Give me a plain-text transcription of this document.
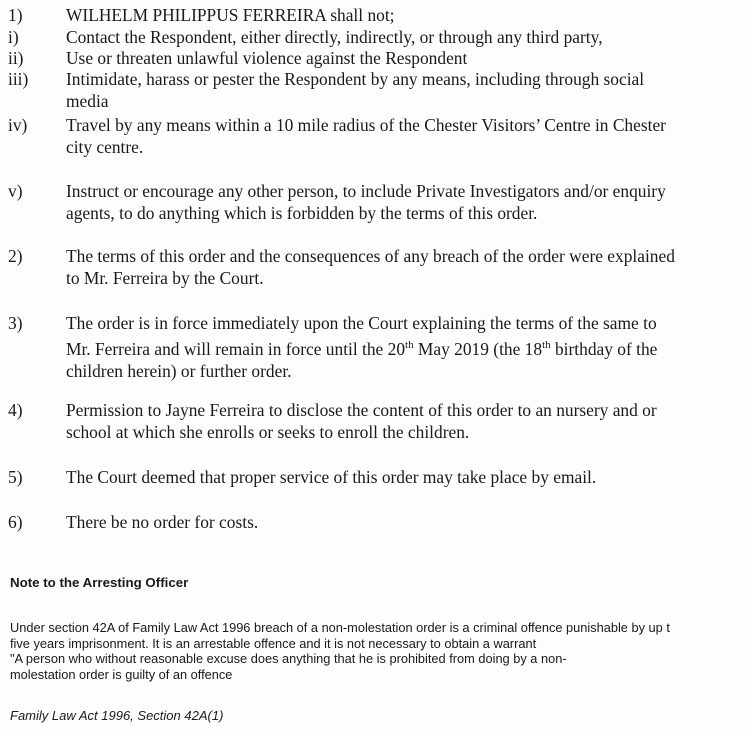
1)	WILHELM PHILIPPUS FERREIRA shall not;
i)	Contact the Respondent, either directly, indirectly, or through any third party,
ii)	Use or threaten unlawful violence against the Respondent
iii)	Intimidate, harass or pester the Respondent by any means, including through social media
iv)	Travel by any means within a 10 mile radius of the Chester Visitors’ Centre in Chester city centre.
v)	Instruct or encourage any other person, to include Private Investigators and/or enquiry agents, to do anything which is forbidden by the terms of this order.
2)	The terms of this order and the consequences of any breach of the order were explained to Mr. Ferreira by the Court.
3)	The order is in force immediately upon the Court explaining the terms of the same to Mr. Ferreira and will remain in force until the 20th May 2019 (the 18th birthday of the children herein) or further order.
4)	Permission to Jayne Ferreira to disclose the content of this order to an nursery and or school at which she enrolls or seeks to enroll the children.
5)	The Court deemed that proper service of this order may take place by email.
6)	There be no order for costs.
Note to the Arresting Officer
Under section 42A of Family Law Act 1996 breach of a non-molestation order is a criminal offence punishable by up t
five years imprisonment. It is an arrestable offence and it is not necessary to obtain a warrant
"A person who without reasonable excuse does anything that he is prohibited from doing by a non-
molestation order is guilty of an offence
Family Law Act 1996, Section 42A(1)
